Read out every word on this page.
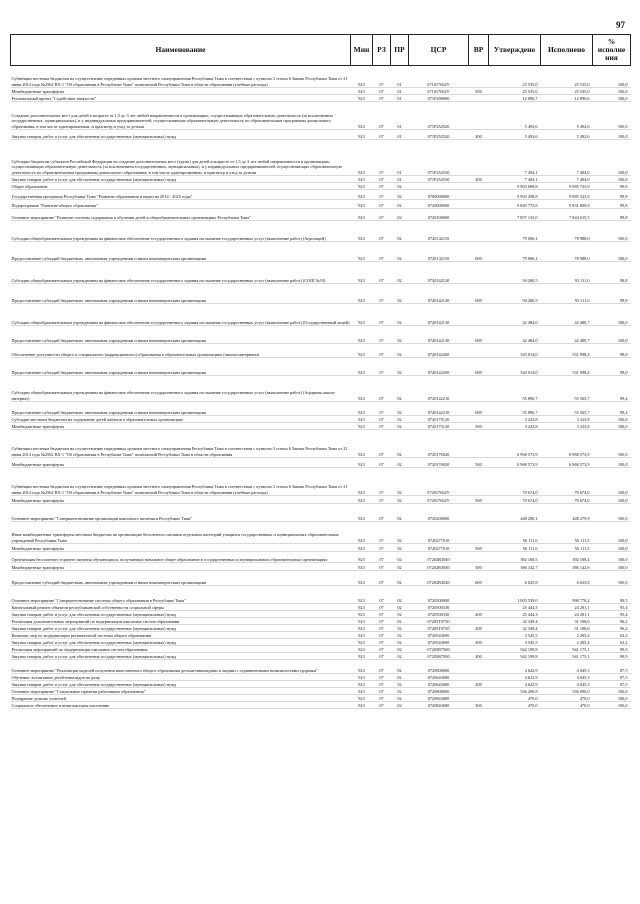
97
Наименование	Мин	РЗ	ПР	ЦСР	ВР	Утверждено	Исполнено	% исполне ния
Субвенции местным бюджетам на осуществление переданных органам местного самоуправления Республики Тыва в соответствии с пунктом 3 статьи 6 Закона Республики Тыва от 21 июня 2014 года №2562 ВХ-1 "Об образовании в Республике Тыва" полномочий Республики Тыва в области образования (учебные расходы)	923	07	01	071017602У		25 535,0	25 535,0	100,0
Межбюджетные трансферты	923	07	01	071017602У	500	25 535,0	25 535,0	100,0
Региональный проект "Содействие занятости"	923	07	01	071P200000		12 896,7	12 896,6	100,0
Создание дополнительных мест для детей в возрасте от 1,5 до 3 лет любой направленности в организациях, осуществляющих образовательную деятельность (за исключением государственных, муниципальных), и у индивидуальных предпринимателей, осуществляющих образовательную деятельность по образовательным программам дошкольного образования, в том числе адаптированным, и присмотр и уход за детьми	923	07	01	071P252520		5 492,6	5 492,6	100,0
Закупка товаров, работ и услуг для обеспечения государственных (муниципальных) нужд	923	07	01	071P252520	200	5 492,6	5 492,6	100,0
Субсидии бюджетам субъектов Российской Федерации на создание дополнительных мест (групп) для детей в возрасте от 1,5 до 3 лет любой направленности в организациях, осуществляющих образовательную деятельность (за исключением государственных, муниципальных), и у индивидуальных предпринимателей, осуществляющих образовательную деятельность по образовательным программам дошкольного образования, в том числе адаптированным, и присмотр и уход за детьми	923	07	01	071P252530		7 404,1	7 404,0	100,0
Закупка товаров, работ и услуг для обеспечения государственных (муниципальных) нужд	923	07	01	071P252530	200	7 404,1	7 404,0	100,0
Общее образование	923	07	02			9 903 698,8	9 885 723,9	99,8
Государственная программа Республики Тыва "Развитие образования и науки на 2014 - 2025 годы"	923	07	02	0700000000		9 903 298,8	9 885 323,9	99,8
Подпрограмма "Развитие общего образования"	923	07	02	0720000000		9 849 775,8	9 831 800,9	99,8
Основное мероприятие "Развитие системы содержания и обучения детей в общеобразовательных организациях Республики Тыва"	923	07	02	0720100000		7 857 133,0	7 844 615,5	99,8
Субсидии общеобразовательным учреждениям на финансовое обеспечение государственного задания на оказание государственных услуг (выполнение работ) (Агролицей)	923	07	02	0720142110		79 006,1	78 988,0	100,0
Предоставление субсидий бюджетным, автономным учреждениям и иным некоммерческим организациям	923	07	02	0720142110	600	79 006,1	78 988,0	100,0
Субсидии общеобразовательным учреждениям на финансовое обеспечение государственного задания на оказание государственных услуг (выполнение работ) (СОШ №10)	923	07	02	0720142120		94 260,5	93 111,0	98,8
Предоставление субсидий бюджетным, автономным учреждениям и иным некоммерческим организациям	923	07	02	0720142120	600	94 260,5	93 111,0	98,8
Субсидии общеобразовательным учреждениям на финансовое обеспечение государственного задания на оказание государственных услуг (выполнение работ) (Государственный лицей)	923	07	02	0720142130		42 484,0	42 480,7	100,0
Предоставление субсидий бюджетным, автономным учреждениям и иным некоммерческим организациям	923	07	02	0720142130	600	42 484,0	42 480,7	100,0
Обеспечение доступности общего и специального (коррекционного) образования в образовательных организациях (школы-интернаты)	923	07	02	0720142200		543 014,0	531 998,4	98,0
Предоставление субсидий бюджетным, автономным учреждениям и иным некоммерческим организациям	923	07	02	0720142200	600	543 014,0	531 998,4	98,0
Субсидии общеобразовательным учреждениям на финансовое обеспечение государственного задания на оказание государственных услуг (выполнение работ) (Аграрная школа-интернат)	923	07	02	0720142210		55 896,7	55 565,7	99,4
Предоставление субсидий бюджетным, автономным учреждениям и иным некоммерческим организациям	923	07	02	0720142210	600	55 896,7	55 565,7	99,4
Субсидии местным бюджетам на содержание детей чабанов в образовательных организациях	923	07	02	0720175120		3 223,8	3 223,8	100,0
Межбюджетные трансферты	923	07	02	0720175120	500	3 223,8	3 223,8	100,0
Субвенции местным бюджетам на осуществление переданных органам местного самоуправления Республики Тыва в соответствии с пунктом 3 статьи 6 Закона Республики Тыва от 21 июня 2014 года №2562 ВХ-1 "Об образовании в Республике Тыва" полномочий Республики Тыва в области образования	923	07	02	0720176020		6 968 573,9	6 968 573,9	100,0
Межбюджетные трансферты	923	07	02	0720176020	500	6 968 573,9	6 968 573,9	100,0
Субвенции местным бюджетам на осуществление переданных органам местного самоуправления Республики Тыва в соответствии с пунктом 3 статьи 6 Закона Республики Тыва от 21 июня 2014 года №2562 ВХ-1 "Об образовании в Республике Тыва" полномочий Республики Тыва в области образования (учебные расходы)	923	07	02	072017602У		70 674,0	70 674,0	100,0
Межбюджетные трансферты	923	07	02	072017602У	500	70 674,0	70 674,0	100,0
Основное мероприятие "Совершенствование организации школьного питания в Республике Тыва"	923	07	02	0720200000		448 280,1	448 279,9	100,0
Иные межбюджетные трансферты местным бюджетам на организацию бесплатного питания отдельных категорий учащихся государственных и муниципальных образовательных учреждений Республики Тыва	923	07	02	0720277010		56 111,6	56 111,5	100,0
Межбюджетные трансферты	923	07	02	0720277010	500	56 111,6	56 111,5	100,0
Организация бесплатного горячего питания обучающихся, получающих начальное общее образование в государственных и муниципальных образовательных организациях	923	07	02	07202R3040		392 168,5	392 168,4	100,0
Межбюджетные трансферты	923	07	02	07202R3040	500	386 142,7	386 142,6	100,0
Предоставление субсидий бюджетным, автономным учреждениям и иным некоммерческим организациям	923	07	02	07202R3040	600	6 025,8	6 025,8	100,0
Основное мероприятие "Совершенствование системы общего образования в Республике Тыва"	923	07	02	0720500000		1 003 539,0	998 770,2	99,5
Капитальный ремонт объектов республиканской собственности социальной сферы	923	07	02	0720500330		25 444,3	24 281,1	95,4
Закупка товаров, работ и услуг для обеспечения государственных (муниципальных) нужд	923	07	02	0720500330	200	25 444,3	24 281,1	95,4
Реализация дополнительных мероприятий по модернизации школьных систем образования	923	07	02	07205Т0750		32 349,4	31 108,6	96,2
Закупка товаров, работ и услуг для обеспечения государственных (муниципальных) нужд	923	07	02	07205Т0750	200	32 349,4	31 108,6	96,2
Комплекс мер по модернизации региональной системы общего образования	923	07	02	0720543690		3 545,5	2 205,4	62,2
Закупка товаров, работ и услуг для обеспечения государственных (муниципальных) нужд	923	07	02	0720543690	200	3 545,5	2 205,4	62,2
Реализация мероприятий по модернизации школьных систем образования	923	07	02	07205R7500		942 199,8	941 175,1	99,9
Закупка товаров, работ и услуг для обеспечения государственных (муниципальных) нужд	923	07	02	07205R7500	200	942 199,8	941 175,1	99,9
Основное мероприятие "Реализация моделей получения качественного общего образования детьми-инвалидами и лицами с ограниченными возможностями здоровья"	923	07	02	0720600000		4 622,9	4 045,3	87,5
Обучение, воспитание детей-инвалидов на дому	923	07	02	0720643680		4 622,9	4 045,3	87,5
Закупка товаров, работ и услуг для обеспечения государственных (муниципальных) нужд	923	07	02	0720643680	200	4 622,9	4 045,3	87,5
Основное мероприятие "Социальные гарантии работникам образования"	923	07	02	0720800000		536 200,8	536 090,0	100,0
Поощрение лучших учителей	923	07	02	0720843680		470,0	470,0	100,0
Социальное обеспечение и иные выплаты населению	923	07	02	0720843680	300	470,0	470,0	100,0
